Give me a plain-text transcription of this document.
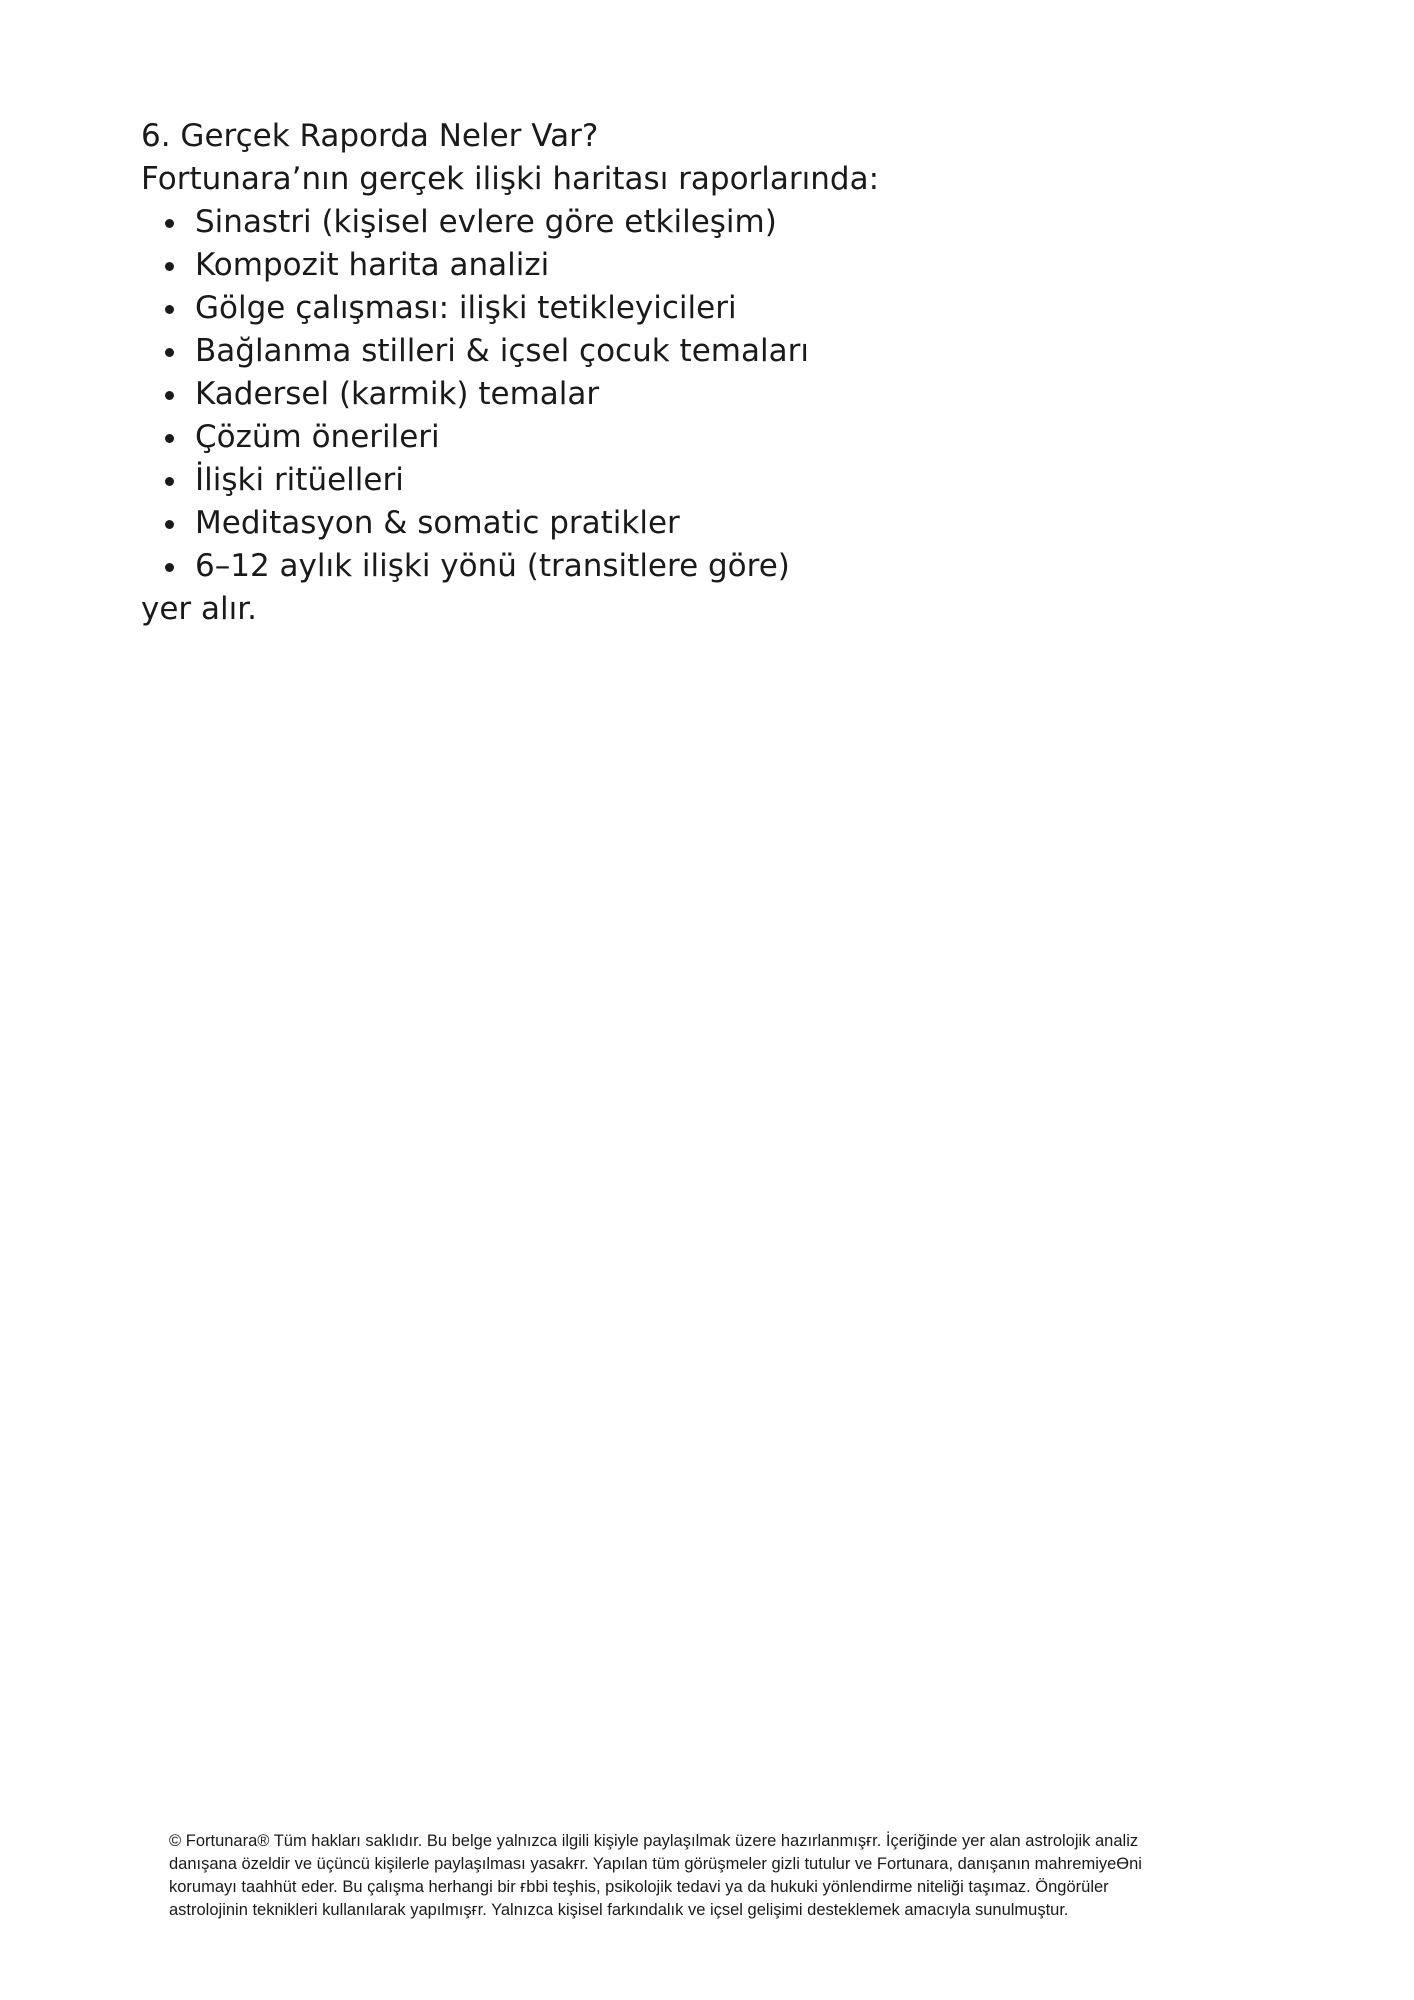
6. Gerçek Raporda Neler Var?

Fortunara’nın gerçek ilişki haritası raporlarında:

Sinastri (kişisel evlere göre etkileşim)
Kompozit harita analizi
Gölge çalışması: ilişki tetikleyicileri
Bağlanma stilleri & içsel çocuk temaları
Kadersel (karmik) temalar
Çözüm önerileri
İlişki ritüelleri
Meditasyon & somatic pratikler
6–12 aylık ilişki yönü (transitlere göre)

yer alır.

© Fortunara® Tüm hakları saklıdır. Bu belge yalnızca ilgili kişiyle paylaşılmak üzere hazırlanmışғr. İçeriğinde yer alan astrolojik analiz
danışana özeldir ve üçüncü kişilerle paylaşılması yasakғr. Yapılan tüm görüşmeler gizli tutulur ve Fortunara, danışanın mahremiyeӨni
korumayı taahhüt eder. Bu çalışma herhangi bir ғbbi teşhis, psikolojik tedavi ya da hukuki yönlendirme niteliği taşımaz. Öngörüler
astrolojinin teknikleri kullanılarak yapılmışғr. Yalnızca kişisel farkındalık ve içsel gelişimi desteklemek amacıyla sunulmuştur.
